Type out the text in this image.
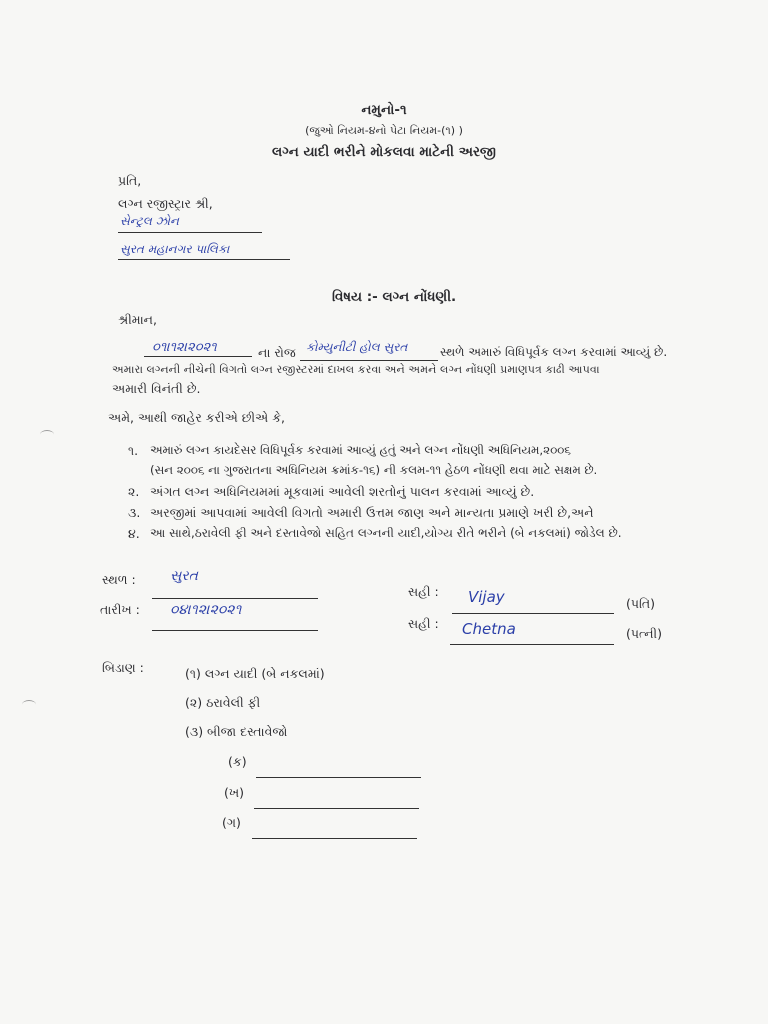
નમુનો-૧
(જુઓ નિયમ-૪નો પેટા નિયમ-(૧) )
લગ્ન યાદી ભરીને મોકલવા માટેની અરજી
પ્રતિ,
લગ્ન રજીસ્ટ્રાર શ્રી,
સેન્ટ્રલ ઝોન
સુરત મહાનગર પાલિકા
વિષય :- લગ્ન નોંધણી.
શ્રીમાન,
૦૧।૧૨।૨૦૨૧	ના રોજ કોમ્યુનીટી હોલ સુરત	સ્થળે અમારું વિધિપૂર્વક લગ્ન કરવામાં આવ્યું છે.
અમારા લગ્નની નીચેની વિગતો લગ્ન રજીસ્ટરમાં દાખલ કરવા અને અમને લગ્ન નોંધણી પ્રમાણપત્ર કાઢી આપવા
અમારી વિનંતી છે.
અમે, આથી જાહેર કરીએ છીએ કે,
૧. અમારું લગ્ન કાયદેસર વિધિપૂર્વક કરવામાં આવ્યું હતું અને લગ્ન નોંધણી અધિનિયમ,૨૦૦૬
(સન ૨૦૦૬ ના ગુજરાતના અધિનિયમ ક્રમાંક-૧૬) ની કલમ-૧૧ હેઠળ નોંધણી થવા માટે સક્ષમ છે.
૨. અંગત લગ્ન અધિનિયમમાં મૂકવામાં આવેલી શરતોનું પાલન કરવામાં આવ્યું છે.
૩. અરજીમાં આપવામાં આવેલી વિગતો અમારી ઉત્તમ જાણ અને માન્યતા પ્રમાણે ખરી છે,અને
૪. આ સાથે,ઠરાવેલી ફી અને દસ્તાવેજો સહિત લગ્નની યાદી,યોગ્ય રીતે ભરીને (બે નકલમાં) જોડેલ છે.
સ્થળ : સુરત
તારીખ : ૦૪।૧૨।૨૦૨૧
સહી : Vijay	(પતિ)
સહી : Chetna	(પત્ની)
બિડાણ :	(૧) લગ્ન યાદી (બે નકલમાં)
(૨) ઠરાવેલી ફી
(૩) બીજા દસ્તાવેજો
(ક)
(ખ)
(ગ)
